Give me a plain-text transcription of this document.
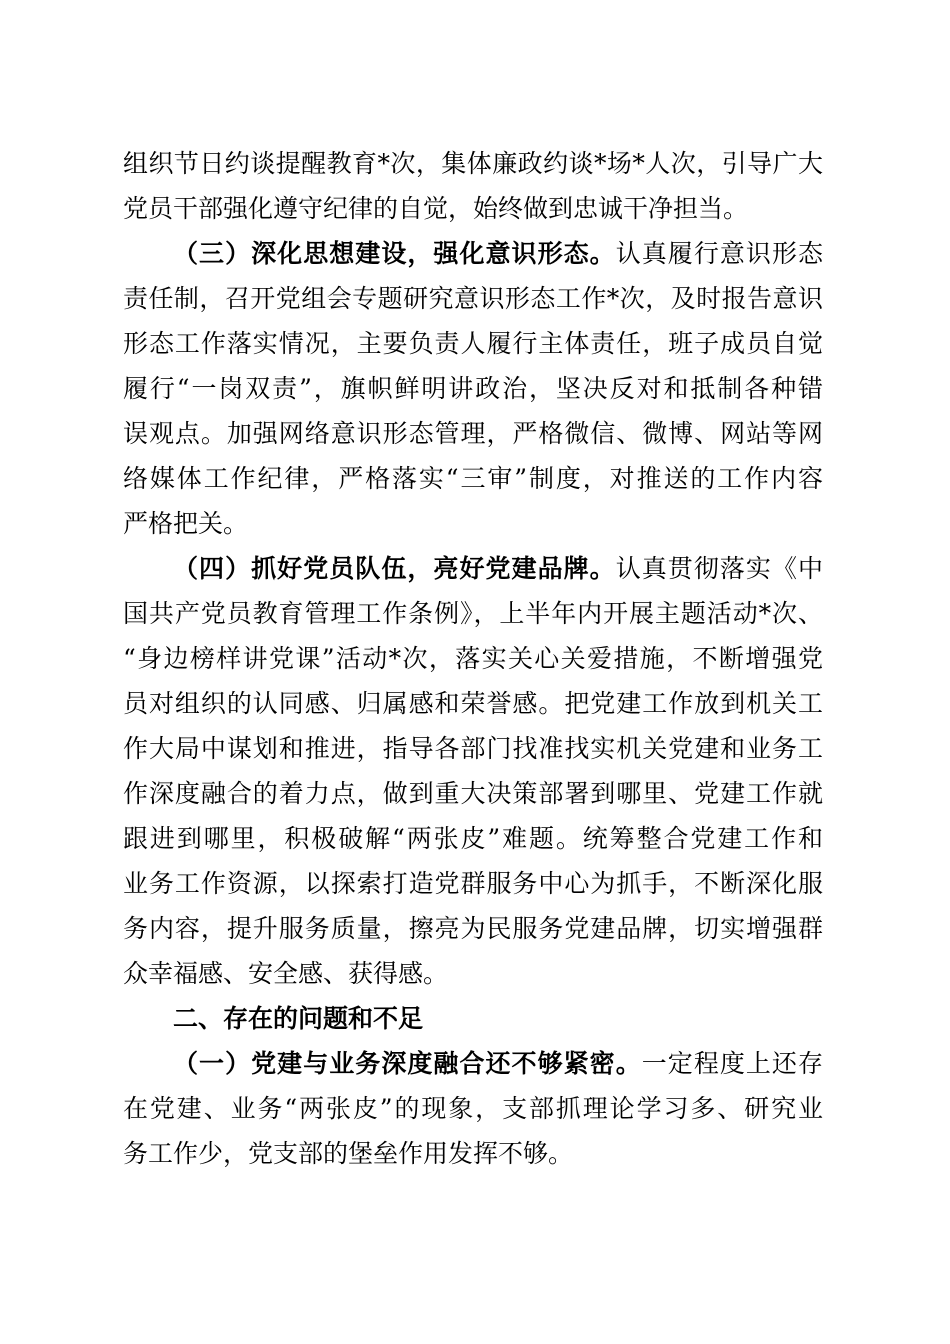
组织节日约谈提醒教育*次，集体廉政约谈*场*人次，引导广大
党员干部强化遵守纪律的自觉，始终做到忠诚干净担当。
（三）深化思想建设，强化意识形态。认真履行意识形态
责任制，召开党组会专题研究意识形态工作*次，及时报告意识
形态工作落实情况，主要负责人履行主体责任，班子成员自觉
履行“一岗双责”，旗帜鲜明讲政治，坚决反对和抵制各种错
误观点。加强网络意识形态管理，严格微信、微博、网站等网
络媒体工作纪律，严格落实“三审”制度，对推送的工作内容
严格把关。
（四）抓好党员队伍，亮好党建品牌。认真贯彻落实《中
国共产党员教育管理工作条例》，上半年内开展主题活动*次、
“身边榜样讲党课”活动*次，落实关心关爱措施，不断增强党
员对组织的认同感、归属感和荣誉感。把党建工作放到机关工
作大局中谋划和推进，指导各部门找准找实机关党建和业务工
作深度融合的着力点，做到重大决策部署到哪里、党建工作就
跟进到哪里，积极破解“两张皮”难题。统筹整合党建工作和
业务工作资源，以探索打造党群服务中心为抓手，不断深化服
务内容，提升服务质量，擦亮为民服务党建品牌，切实增强群
众幸福感、安全感、获得感。
二、存在的问题和不足
（一）党建与业务深度融合还不够紧密。一定程度上还存
在党建、业务“两张皮”的现象，支部抓理论学习多、研究业
务工作少，党支部的堡垒作用发挥不够。
